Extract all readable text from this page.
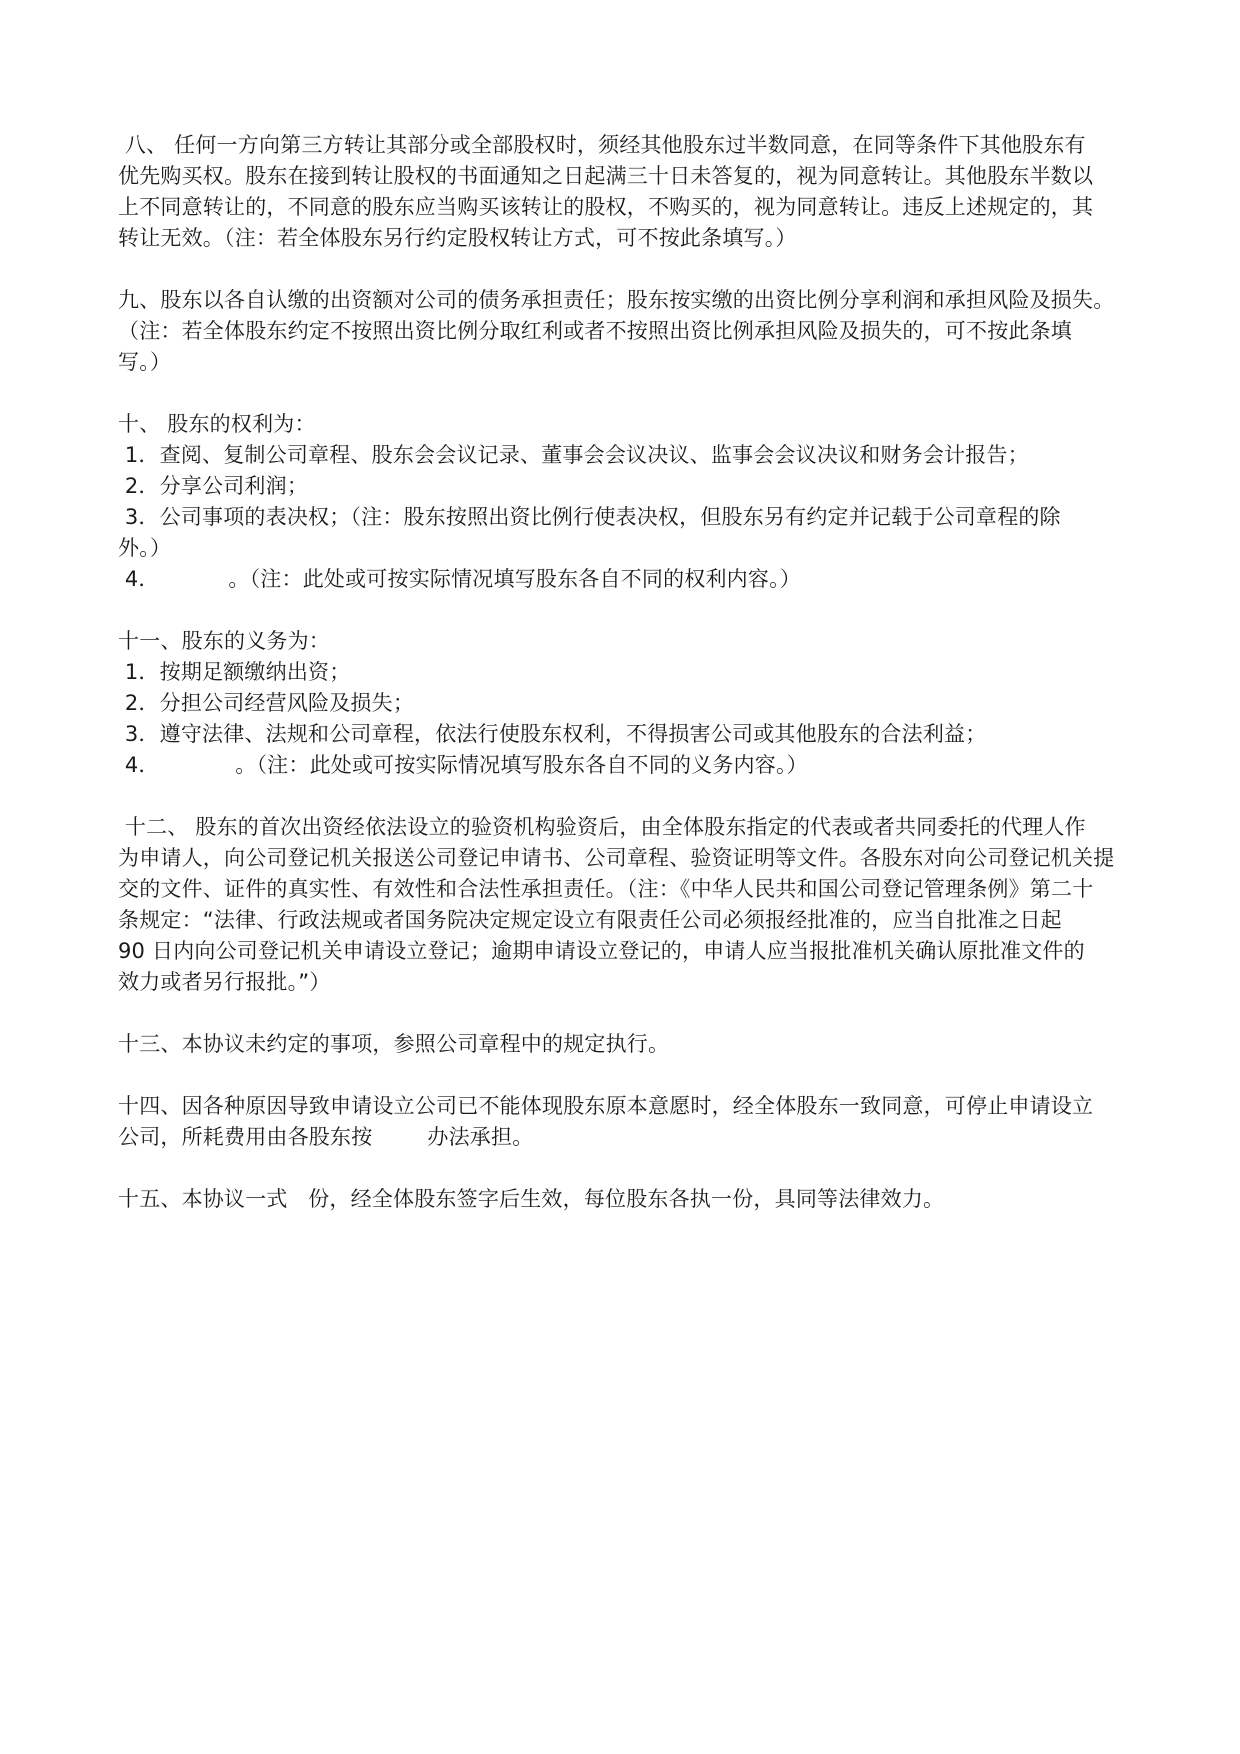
八、 任何一方向第三方转让其部分或全部股权时，须经其他股东过半数同意，在同等条件下其他股东有
优先购买权。股东在接到转让股权的书面通知之日起满三十日未答复的，视为同意转让。其他股东半数以
上不同意转让的，不同意的股东应当购买该转让的股权，不购买的，视为同意转让。违反上述规定的，其
转让无效。（注：若全体股东另行约定股权转让方式，可不按此条填写。）
九、股东以各自认缴的出资额对公司的债务承担责任；股东按实缴的出资比例分享利润和承担风险及损失。
（注：若全体股东约定不按照出资比例分取红利或者不按照出资比例承担风险及损失的，可不按此条填
写。）
十、 股东的权利为：
1．查阅、复制公司章程、股东会会议记录、董事会会议决议、监事会会议决议和财务会计报告；
2．分享公司利润；
3．公司事项的表决权；（注：股东按照出资比例行使表决权，但股东另有约定并记载于公司章程的除
外。）
4．          。（注：此处或可按实际情况填写股东各自不同的权利内容。）
十一、股东的义务为：
1．按期足额缴纳出资；
2．分担公司经营风险及损失；
3．遵守法律、法规和公司章程，依法行使股东权利，不得损害公司或其他股东的合法利益；
4．           。（注：此处或可按实际情况填写股东各自不同的义务内容。）
十二、 股东的首次出资经依法设立的验资机构验资后，由全体股东指定的代表或者共同委托的代理人作
为申请人，向公司登记机关报送公司登记申请书、公司章程、验资证明等文件。各股东对向公司登记机关提
交的文件、证件的真实性、有效性和合法性承担责任。（注：《中华人民共和国公司登记管理条例》第二十
条规定：“法律、行政法规或者国务院决定规定设立有限责任公司必须报经批准的，应当自批准之日起
90 日内向公司登记机关申请设立登记；逾期申请设立登记的，申请人应当报批准机关确认原批准文件的
效力或者另行报批。”）
十三、本协议未约定的事项，参照公司章程中的规定执行。
十四、因各种原因导致申请设立公司已不能体现股东原本意愿时，经全体股东一致同意，可停止申请设立
公司，所耗费用由各股东按        办法承担。
十五、本协议一式   份，经全体股东签字后生效，每位股东各执一份，具同等法律效力。
